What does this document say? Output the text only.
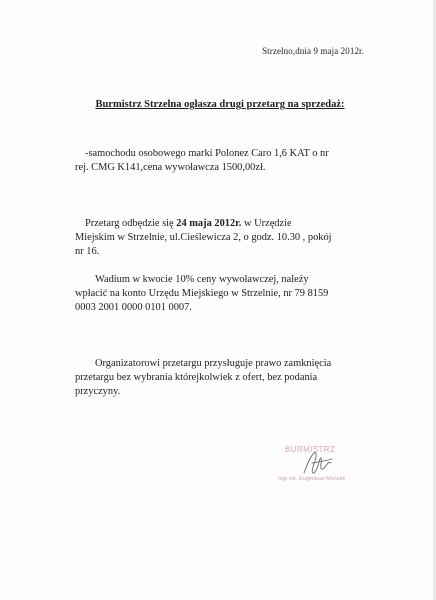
Strzelno,dnia 9 maja 2012r.
Burmistrz Strzelna ogłasza drugi przetarg na sprzedaż:

-samochodu osobowego marki Polonez Caro 1,6 KAT o nr
rej. CMG K141,cena wywoławcza 1500,00zł.

Przetarg odbędzie się 24 maja 2012r. w Urzędzie
Miejskim w Strzelnie, ul.Cieślewicza 2, o godz. 10.30 , pokój
nr 16.

Wadium w kwocie 10% ceny wywoławczej, należy
wpłacić na konto Urzędu Miejskiego w Strzelnie, nr 79 8159
0003 2001 0000 0101 0007.

Organizatorowi przetargu przysługuje prawo zamknięcia
przetargu bez wybrania którejkolwiek z ofert, bez podania
przyczyny.

BURMISTRZ
mgr inż. Eugeniusz Moczek
